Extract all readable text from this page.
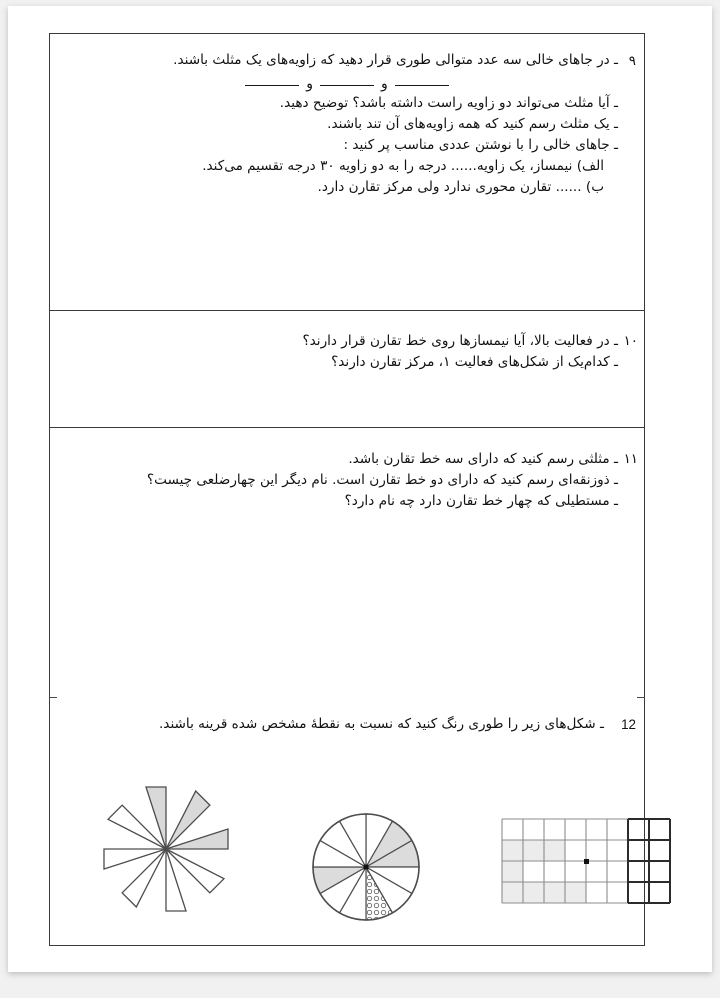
۹
ـ در جاهای خالی سه عدد متوالی طوری قرار دهید که زاویه‌های یک مثلث باشند.
و
و
ـ آیا مثلث می‌تواند دو زاویه راست داشته باشد؟ توضیح دهید.
ـ یک مثلث رسم کنید که همه زاویه‌های آن تند باشند.
ـ جاهای خالی را با نوشتن عددی مناسب پر کنید :
الف) نیمساز، یک زاویه...... درجه را به دو زاویه ۳۰ درجه تقسیم می‌کند.
ب) ...... تقارن محوری ندارد ولی مرکز تقارن دارد.
۱۰
ـ در فعالیت بالا، آیا نیمسازها روی خط تقارن قرار دارند؟
ـ کدام‌یک از شکل‌های فعالیت ۱، مرکز تقارن دارند؟
۱۱
ـ مثلثی رسم کنید که دارای سه خط تقارن باشد.
ـ ذوزنقه‌ای رسم کنید که دارای دو خط تقارن است. نام دیگر این چهارضلعی چیست؟
ـ مستطیلی که چهار خط تقارن دارد چه نام دارد؟
12
ـ شکل‌های زیر را طوری رنگ کنید که نسبت به نقطهٔ مشخص شده قرینه باشند.
